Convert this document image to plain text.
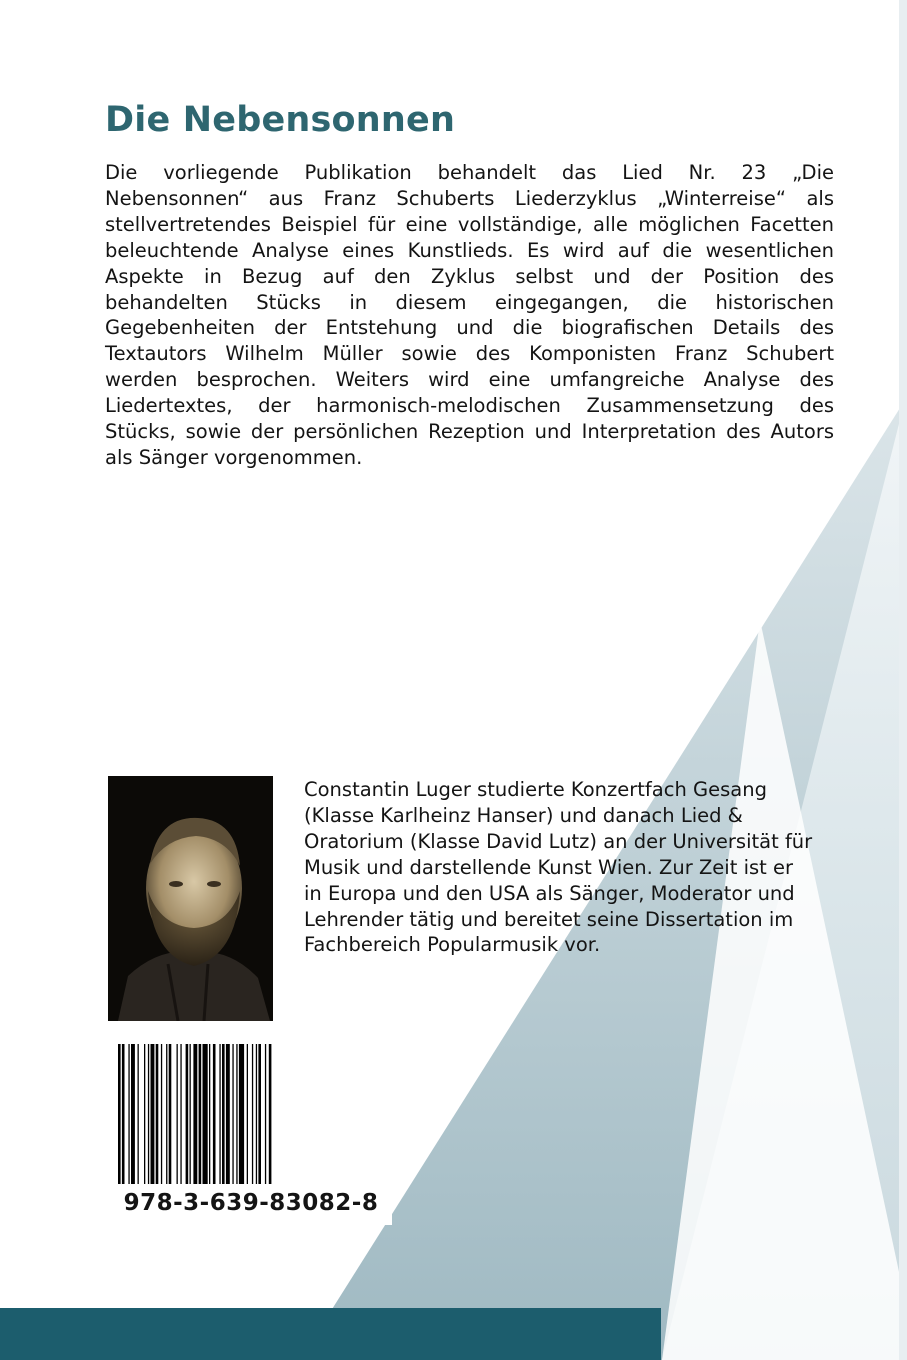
Die Nebensonnen
Die vorliegende Publikation behandelt das Lied Nr. 23 „Die
Nebensonnen“ aus Franz Schuberts Liederzyklus „Winterreise“ als
stellvertretendes Beispiel für eine vollständige, alle möglichen Facetten
beleuchtende Analyse eines Kunstlieds. Es wird auf die wesentlichen
Aspekte in Bezug auf den Zyklus selbst und der Position des
behandelten Stücks in diesem eingegangen, die historischen
Gegebenheiten der Entstehung und die biografischen Details des
Textautors Wilhelm Müller sowie des Komponisten Franz Schubert
werden besprochen. Weiters wird eine umfangreiche Analyse des
Liedertextes, der harmonisch-melodischen Zusammensetzung des
Stücks, sowie der persönlichen Rezeption und Interpretation des Autors
als Sänger vorgenommen.
Constantin Luger studierte Konzertfach Gesang
(Klasse Karlheinz Hanser) und danach Lied &
Oratorium (Klasse David Lutz) an der Universität für
Musik und darstellende Kunst Wien. Zur Zeit ist er
in Europa und den USA als Sänger, Moderator und
Lehrender tätig und bereitet seine Dissertation im
Fachbereich Popularmusik vor.
978-3-639-83082-8
